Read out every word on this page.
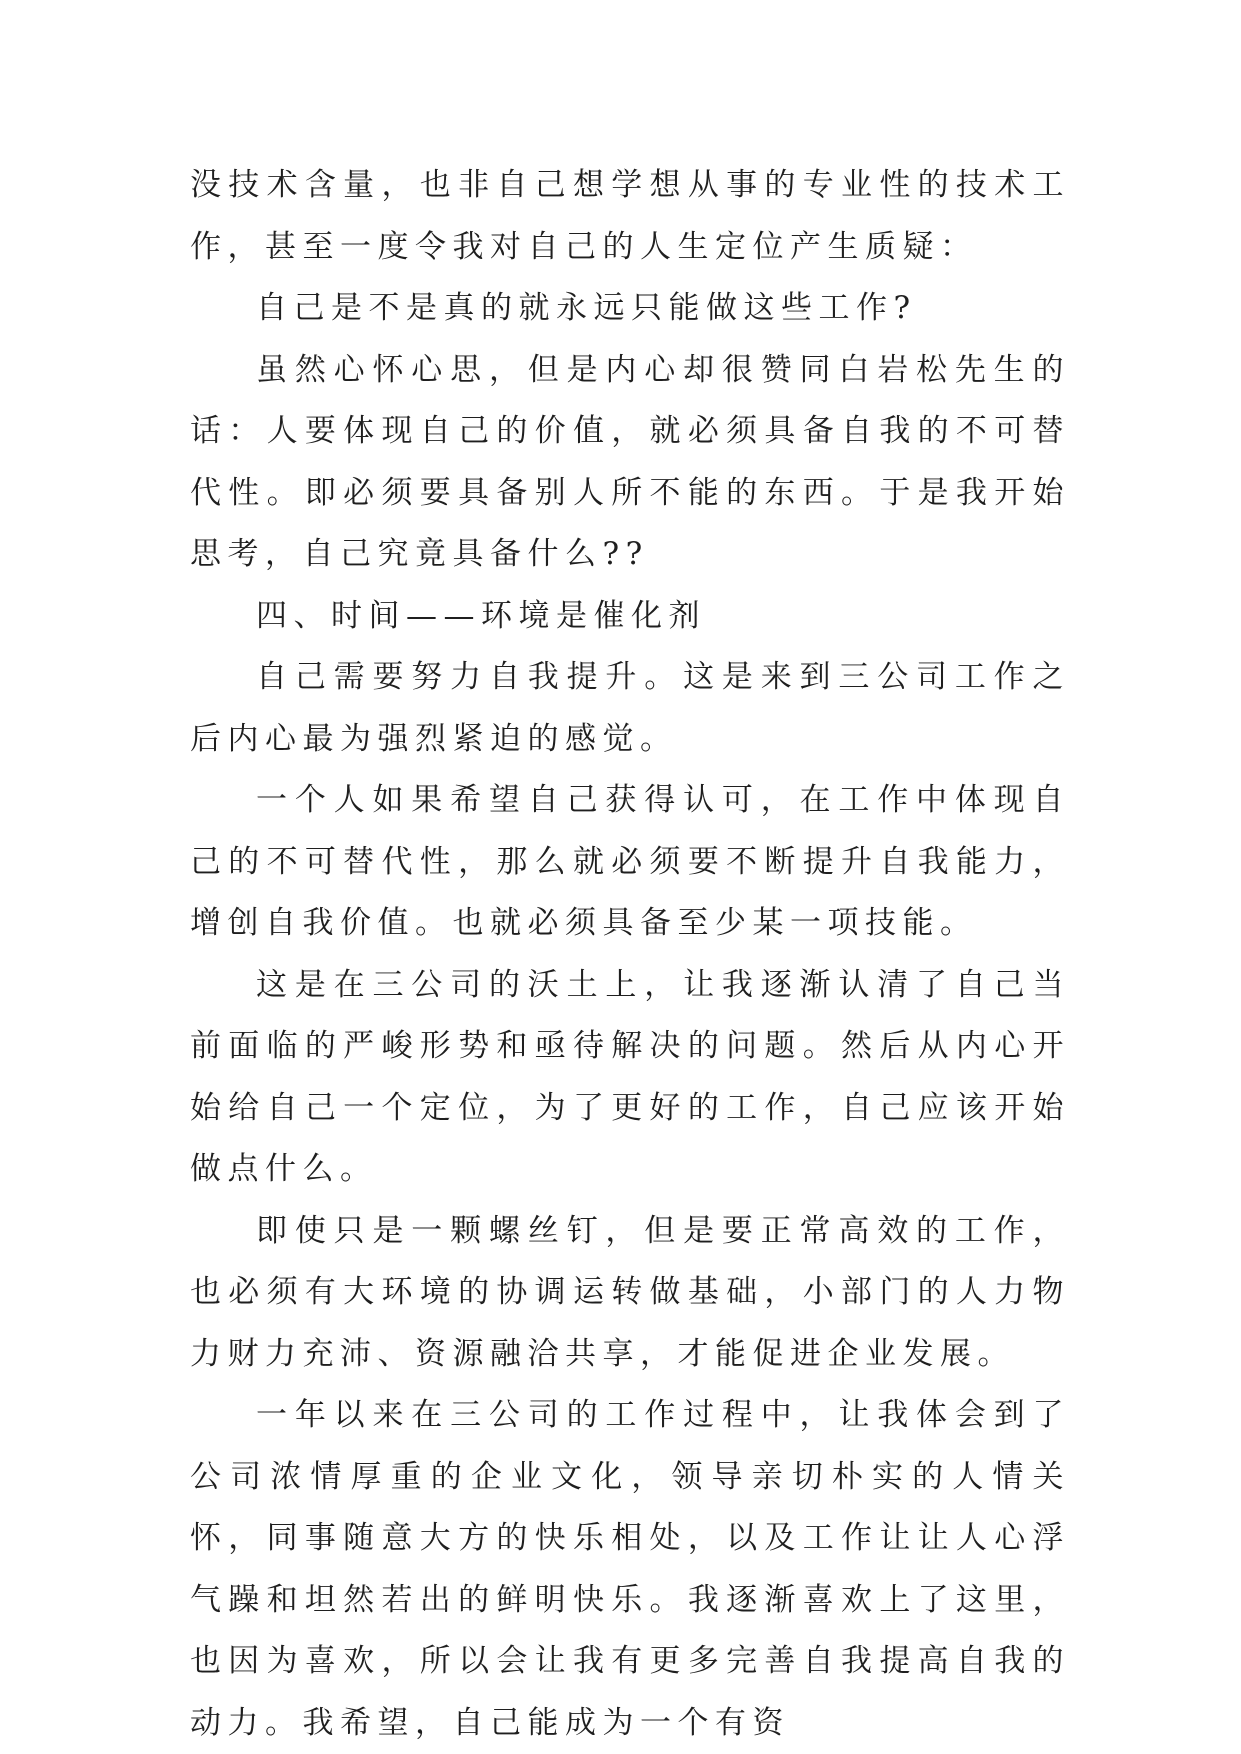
没技术含量，也非自己想学想从事的专业性的技术工作，甚至一度令我对自己的人生定位产生质疑：

自己是不是真的就永远只能做这些工作?

虽然心怀心思，但是内心却很赞同白岩松先生的话：人要体现自己的价值，就必须具备自我的不可替代性。即必须要具备别人所不能的东西。于是我开始思考，自己究竟具备什么??

四、时间——环境是催化剂

自己需要努力自我提升。这是来到三公司工作之后内心最为强烈紧迫的感觉。

一个人如果希望自己获得认可，在工作中体现自己的不可替代性，那么就必须要不断提升自我能力，增创自我价值。也就必须具备至少某一项技能。

这是在三公司的沃土上，让我逐渐认清了自己当前面临的严峻形势和亟待解决的问题。然后从内心开始给自己一个定位，为了更好的工作，自己应该开始做点什么。

即使只是一颗螺丝钉，但是要正常高效的工作，也必须有大环境的协调运转做基础，小部门的人力物力财力充沛、资源融洽共享，才能促进企业发展。

一年以来在三公司的工作过程中，让我体会到了公司浓情厚重的企业文化，领导亲切朴实的人情关怀，同事随意大方的快乐相处，以及工作让让人心浮气躁和坦然若出的鲜明快乐。我逐渐喜欢上了这里，也因为喜欢，所以会让我有更多完善自我提高自我的动力。我希望，自己能成为一个有资
